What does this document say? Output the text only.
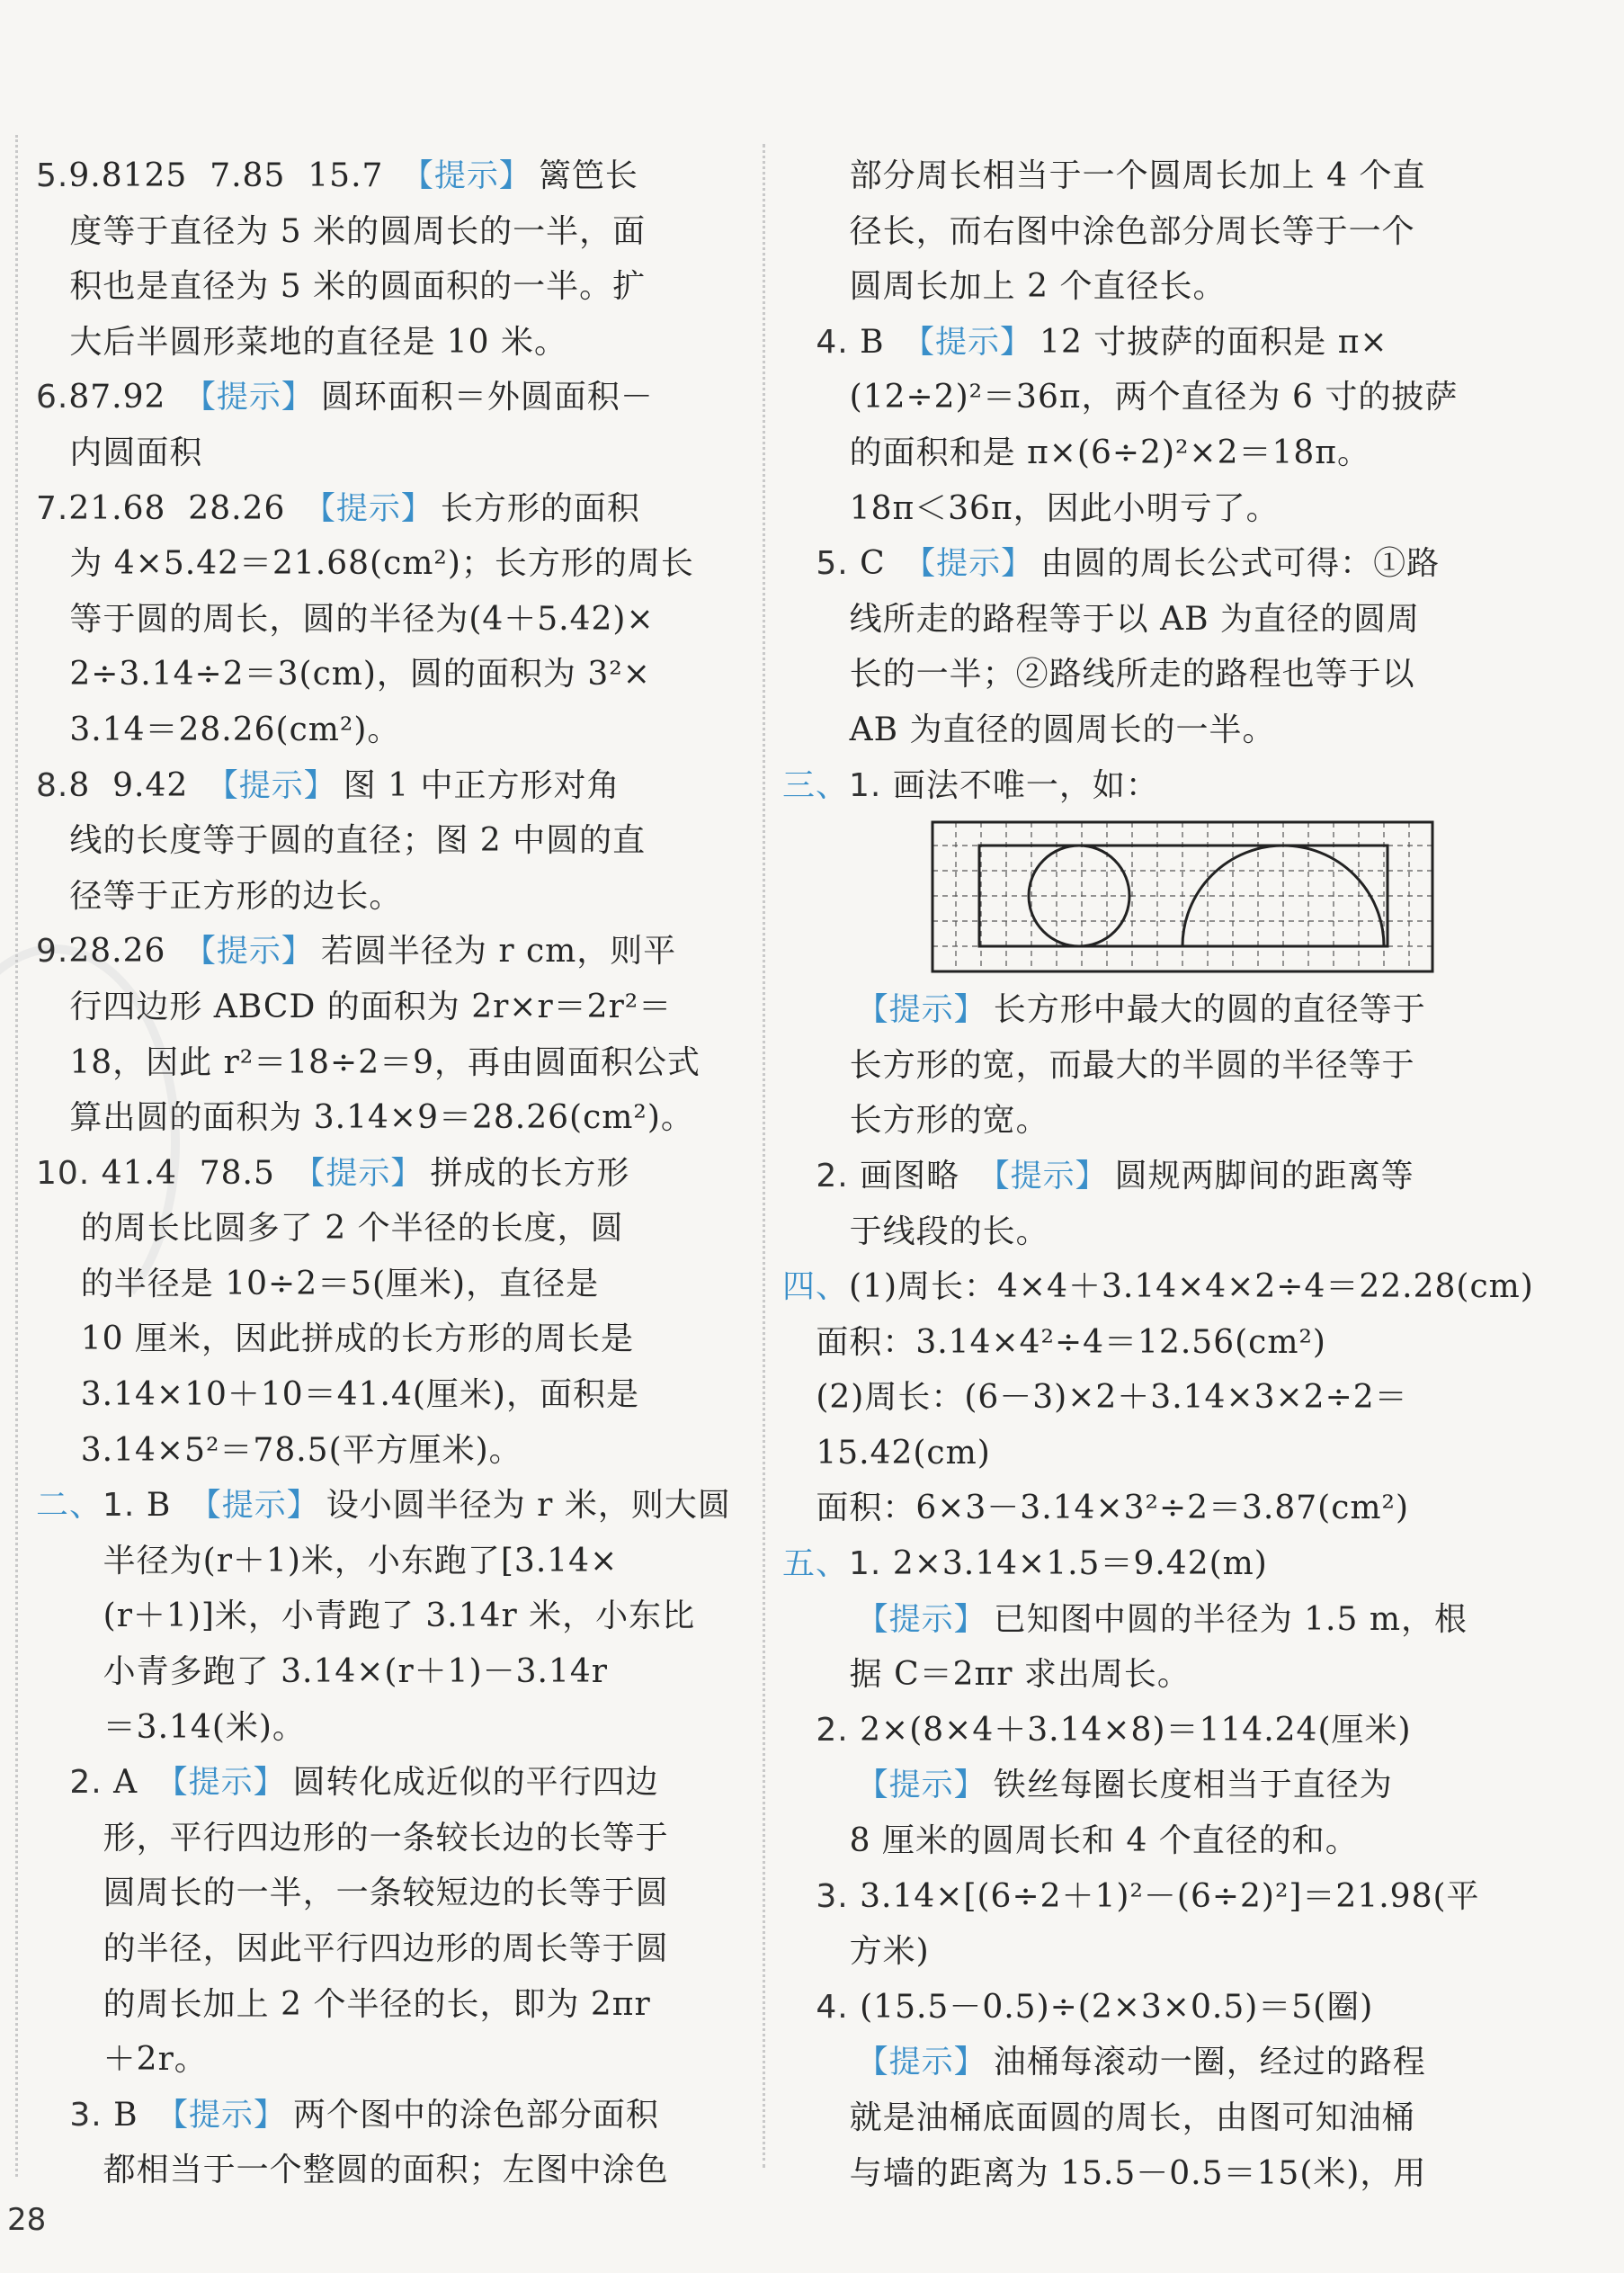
5.9.8125  7.85  15.7 【提示】 篱笆长
度等于直径为 5 米的圆周长的一半，面
积也是直径为 5 米的圆面积的一半。扩
大后半圆形菜地的直径是 10 米。
6.87.92 【提示】 圆环面积＝外圆面积－
内圆面积
7.21.68  28.26 【提示】 长方形的面积
为 4×5.42＝21.68(cm²)；长方形的周长
等于圆的周长，圆的半径为(4＋5.42)×
2÷3.14÷2＝3(cm)，圆的面积为 3²×
3.14＝28.26(cm²)。
8.8  9.42 【提示】 图 1 中正方形对角
线的长度等于圆的直径；图 2 中圆的直
径等于正方形的边长。
9.28.26 【提示】 若圆半径为 r cm，则平
行四边形 ABCD 的面积为 2r×r＝2r²＝
18，因此 r²＝18÷2＝9，再由圆面积公式
算出圆的面积为 3.14×9＝28.26(cm²)。
10. 41.4  78.5 【提示】 拼成的长方形
的周长比圆多了 2 个半径的长度，圆
的半径是 10÷2＝5(厘米)，直径是
10 厘米，因此拼成的长方形的周长是
3.14×10＋10＝41.4(厘米)，面积是
3.14×5²＝78.5(平方厘米)。
二、1. B 【提示】 设小圆半径为 r 米，则大圆
半径为(r＋1)米，小东跑了[3.14×
(r＋1)]米，小青跑了 3.14r 米，小东比
小青多跑了 3.14×(r＋1)－3.14r
＝3.14(米)。
2. A 【提示】 圆转化成近似的平行四边
形，平行四边形的一条较长边的长等于
圆周长的一半，一条较短边的长等于圆
的半径，因此平行四边形的周长等于圆
的周长加上 2 个半径的长，即为 2πr
＋2r。
3. B 【提示】 两个图中的涂色部分面积
都相当于一个整圆的面积；左图中涂色
部分周长相当于一个圆周长加上 4 个直
径长，而右图中涂色部分周长等于一个
圆周长加上 2 个直径长。
4. B 【提示】 12 寸披萨的面积是 π×
(12÷2)²＝36π，两个直径为 6 寸的披萨
的面积和是 π×(6÷2)²×2＝18π。
18π＜36π，因此小明亏了。
5. C 【提示】 由圆的周长公式可得：①路
线所走的路程等于以 AB 为直径的圆周
长的一半；②路线所走的路程也等于以
AB 为直径的圆周长的一半。
三、1. 画法不唯一，如：
【提示】 长方形中最大的圆的直径等于
长方形的宽，而最大的半圆的半径等于
长方形的宽。
2. 画图略 【提示】 圆规两脚间的距离等
于线段的长。
四、(1)周长：4×4＋3.14×4×2÷4＝22.28(cm)
面积：3.14×4²÷4＝12.56(cm²)
(2)周长：(6－3)×2＋3.14×3×2÷2＝
15.42(cm)
面积：6×3－3.14×3²÷2＝3.87(cm²)
五、1. 2×3.14×1.5＝9.42(m)
【提示】 已知图中圆的半径为 1.5 m，根
据 C＝2πr 求出周长。
2. 2×(8×4＋3.14×8)＝114.24(厘米)
【提示】 铁丝每圈长度相当于直径为
8 厘米的圆周长和 4 个直径的和。
3. 3.14×[(6÷2＋1)²－(6÷2)²]＝21.98(平
方米)
4. (15.5－0.5)÷(2×3×0.5)＝5(圈)
【提示】 油桶每滚动一圈，经过的路程
就是油桶底面圆的周长，由图可知油桶
与墙的距离为 15.5－0.5＝15(米)，用
28
